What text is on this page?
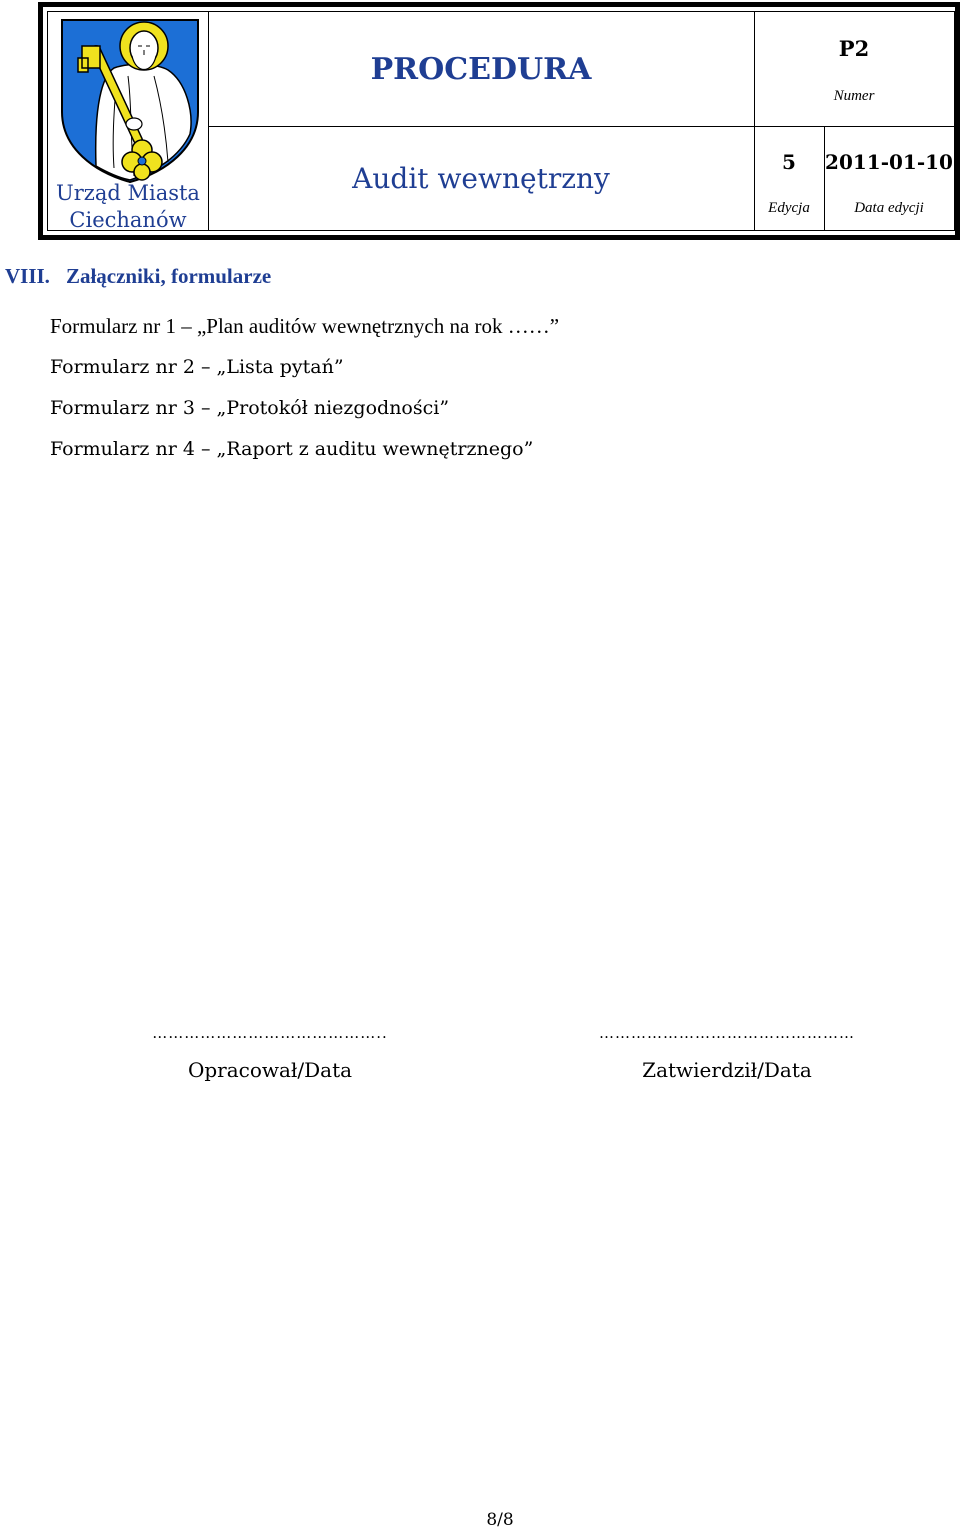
Urząd Miasta
Ciechanów
PROCEDURA
Audit wewnętrzny
P2
Numer
5
Edycja
2011-01-10
Data edycji
VIII. Załączniki, formularze
Formularz nr 1 – „Plan auditów wewnętrznych na rok ……”
Formularz nr 2 – „Lista pytań”
Formularz nr 3 – „Protokół niezgodności”
Formularz nr 4 – „Raport z auditu wewnętrznego”
……………………………………..
Opracował/Data
…………………………………………
Zatwierdził/Data
8/8
